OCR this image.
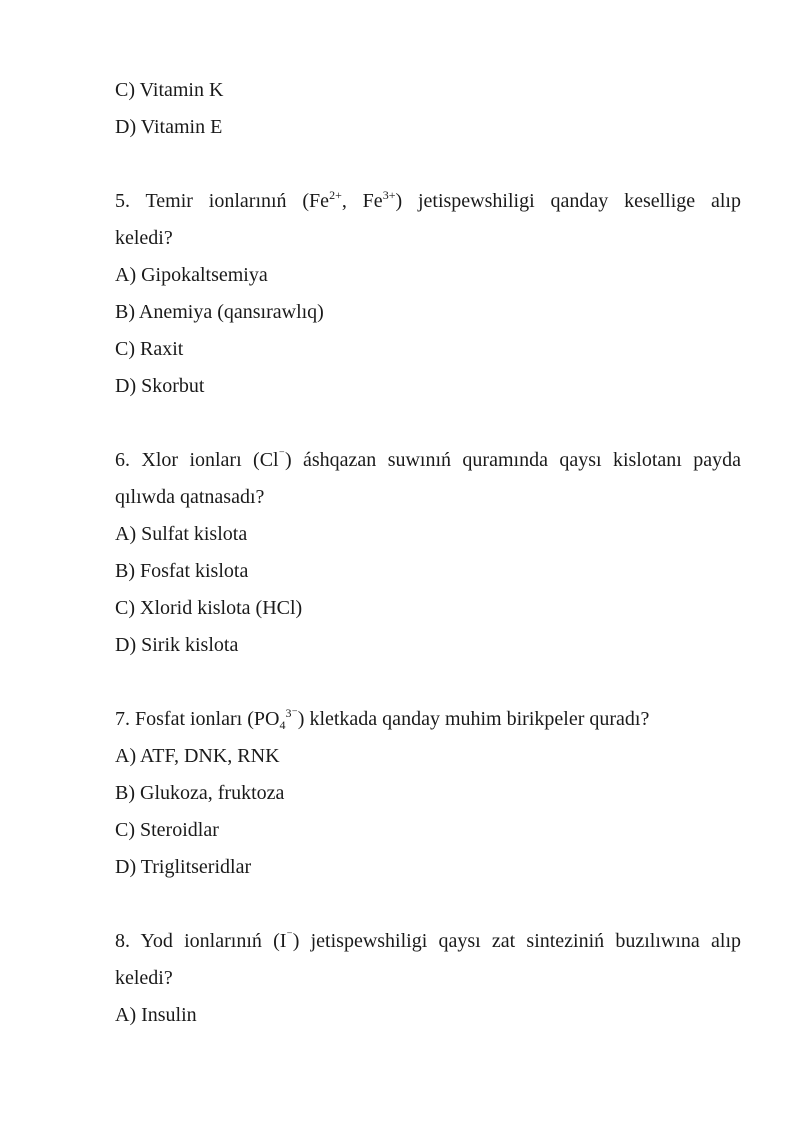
C) Vitamin K
D) Vitamin E
5. Temir ionlarınıń ($Fe^{2+}$, $Fe^{3+}$) jetispewshiligi qanday kesellige alıp
keledi?
A) Gipokaltsemiya
B) Anemiya (qansırawlıq)
C) Raxit
D) Skorbut
6. Xlor ionları (Cl⁻) áshqazan suwınıń quramında qaysı kislotanı payda
qılıwda qatnasadı?
A) Sulfat kislota
B) Fosfat kislota
C) Xlorid kislota (HCl)
D) Sirik kislota
7. Fosfat ionları $(PO_4^{3^-})$ kletkada qanday muhim birikpeler quradı?
A) ATF, DNK, RNK
B) Glukoza, fruktoza
C) Steroidlar
D) Triglitseridlar
8. Yod ionlarınıń (I⁻) jetispewshiligi qaysı zat sinteziniń buzılıwına alıp
keledi?
A) Insulin
